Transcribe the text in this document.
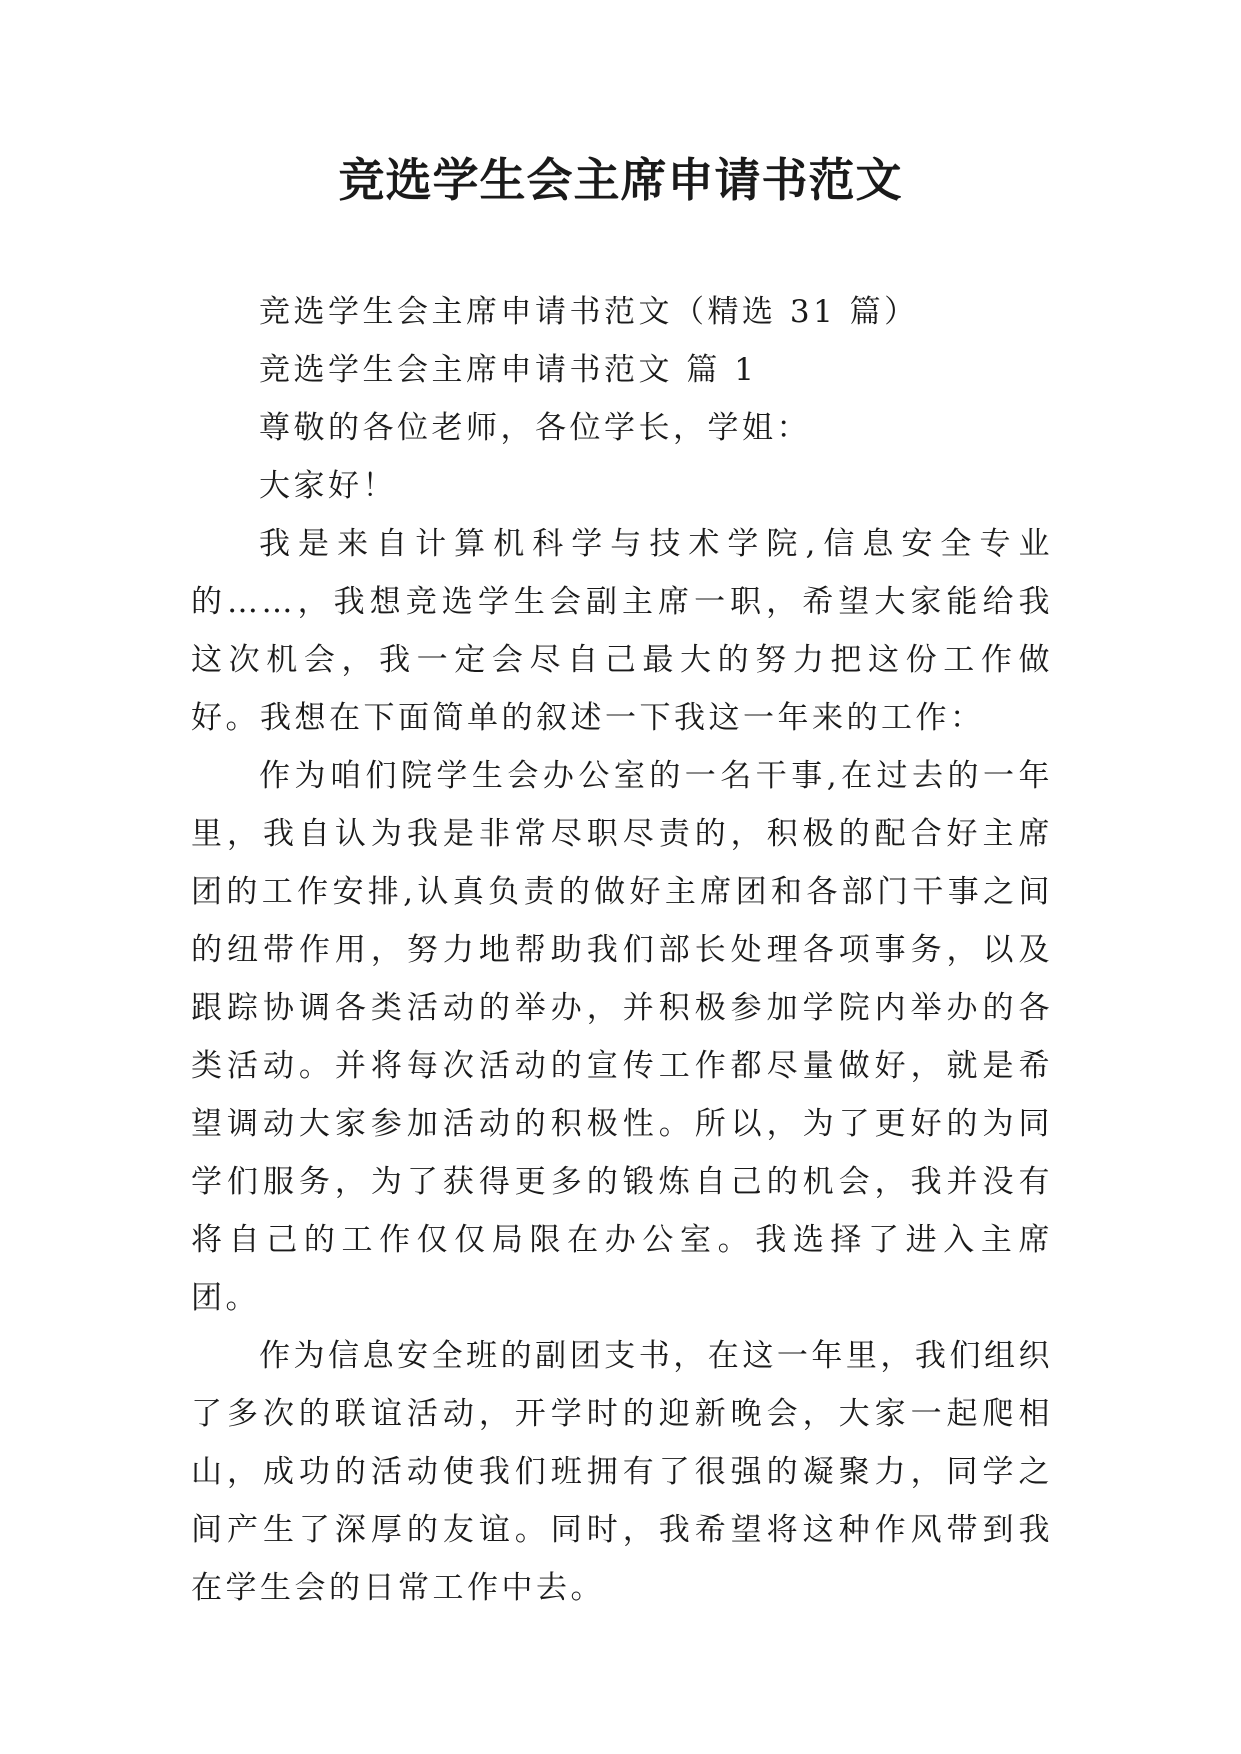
竞选学生会主席申请书范文

竞选学生会主席申请书范文（精选 31 篇）

竞选学生会主席申请书范文 篇 1

尊敬的各位老师，各位学长，学姐：

大家好！

我是来自计算机科学与技术学院,信息安全专业的……，我想竞选学生会副主席一职，希望大家能给我这次机会，我一定会尽自己最大的努力把这份工作做好。我想在下面简单的叙述一下我这一年来的工作：

作为咱们院学生会办公室的一名干事,在过去的一年里，我自认为我是非常尽职尽责的，积极的配合好主席团的工作安排,认真负责的做好主席团和各部门干事之间的纽带作用，努力地帮助我们部长处理各项事务，以及跟踪协调各类活动的举办，并积极参加学院内举办的各类活动。并将每次活动的宣传工作都尽量做好，就是希望调动大家参加活动的积极性。所以，为了更好的为同学们服务，为了获得更多的锻炼自己的机会，我并没有将自己的工作仅仅局限在办公室。我选择了进入主席团。

作为信息安全班的副团支书，在这一年里，我们组织了多次的联谊活动，开学时的迎新晚会，大家一起爬相山，成功的活动使我们班拥有了很强的凝聚力，同学之间产生了深厚的友谊。同时，我希望将这种作风带到我在学生会的日常工作中去。
